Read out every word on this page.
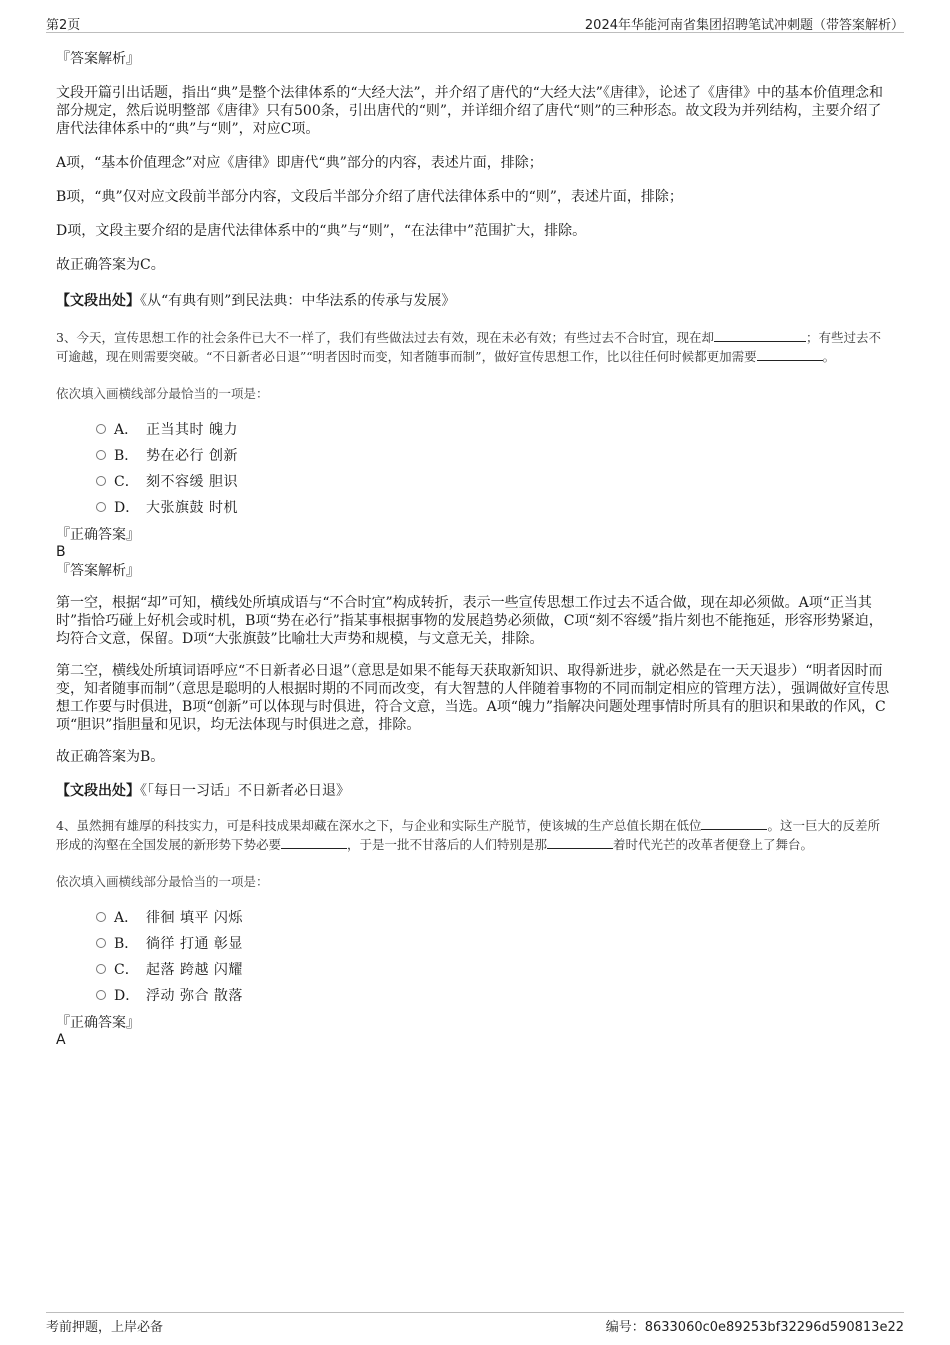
第2页	2024年华能河南省集团招聘笔试冲刺题（带答案解析）

『答案解析』

文段开篇引出话题，指出“典”是整个法律体系的“大经大法”，并介绍了唐代的“大经大法”《唐律》，论述了《唐律》中的基本价值理念和部分规定，然后说明整部《唐律》只有500条，引出唐代的“则”，并详细介绍了唐代“则”的三种形态。故文段为并列结构，主要介绍了唐代法律体系中的“典”与“则”，对应C项。

A项，“基本价值理念”对应《唐律》即唐代“典”部分的内容，表述片面，排除；

B项，“典”仅对应文段前半部分内容，文段后半部分介绍了唐代法律体系中的“则”，表述片面，排除；

D项，文段主要介绍的是唐代法律体系中的“典”与“则”，“在法律中”范围扩大，排除。

故正确答案为C。

【文段出处】《从“有典有则”到民法典：中华法系的传承与发展》

3、今天，宣传思想工作的社会条件已大不一样了，我们有些做法过去有效，现在未必有效；有些过去不合时宜，现在却	；有些过去不可逾越，现在则需要突破。“不日新者必日退”“明者因时而变，知者随事而制”，做好宣传思想工作，比以往任何时候都更加需要	。

依次填入画横线部分最恰当的一项是：

A． 正当其时 魄力
B． 势在必行 创新
C． 刻不容缓 胆识
D． 大张旗鼓 时机

『正确答案』

B

『答案解析』

第一空，根据“却”可知，横线处所填成语与“不合时宜”构成转折，表示一些宣传思想工作过去不适合做，现在却必须做。A项“正当其时”指恰巧碰上好机会或时机，B项“势在必行”指某事根据事物的发展趋势必须做，C项“刻不容缓”指片刻也不能拖延，形容形势紧迫，均符合文意，保留。D项“大张旗鼓”比喻壮大声势和规模，与文意无关，排除。

第二空，横线处所填词语呼应“不日新者必日退”（意思是如果不能每天获取新知识、取得新进步，就必然是在一天天退步）“明者因时而变，知者随事而制”（意思是聪明的人根据时期的不同而改变，有大智慧的人伴随着事物的不同而制定相应的管理方法），强调做好宣传思想工作要与时俱进，B项“创新”可以体现与时俱进，符合文意，当选。A项“魄力”指解决问题处理事情时所具有的胆识和果敢的作风，C项“胆识”指胆量和见识，均无法体现与时俱进之意，排除。

故正确答案为B。

【文段出处】《「每日一习话」不日新者必日退》

4、虽然拥有雄厚的科技实力，可是科技成果却藏在深水之下，与企业和实际生产脱节，使该城的生产总值长期在低位	。这一巨大的反差所形成的沟壑在全国发展的新形势下势必要	，于是一批不甘落后的人们特别是那	着时代光芒的改革者便登上了舞台。

依次填入画横线部分最恰当的一项是：

A． 徘徊 填平 闪烁
B． 徜徉 打通 彰显
C． 起落 跨越 闪耀
D． 浮动 弥合 散落

『正确答案』

A

考前押题，上岸必备	编号：8633060c0e89253bf32296d590813e22
